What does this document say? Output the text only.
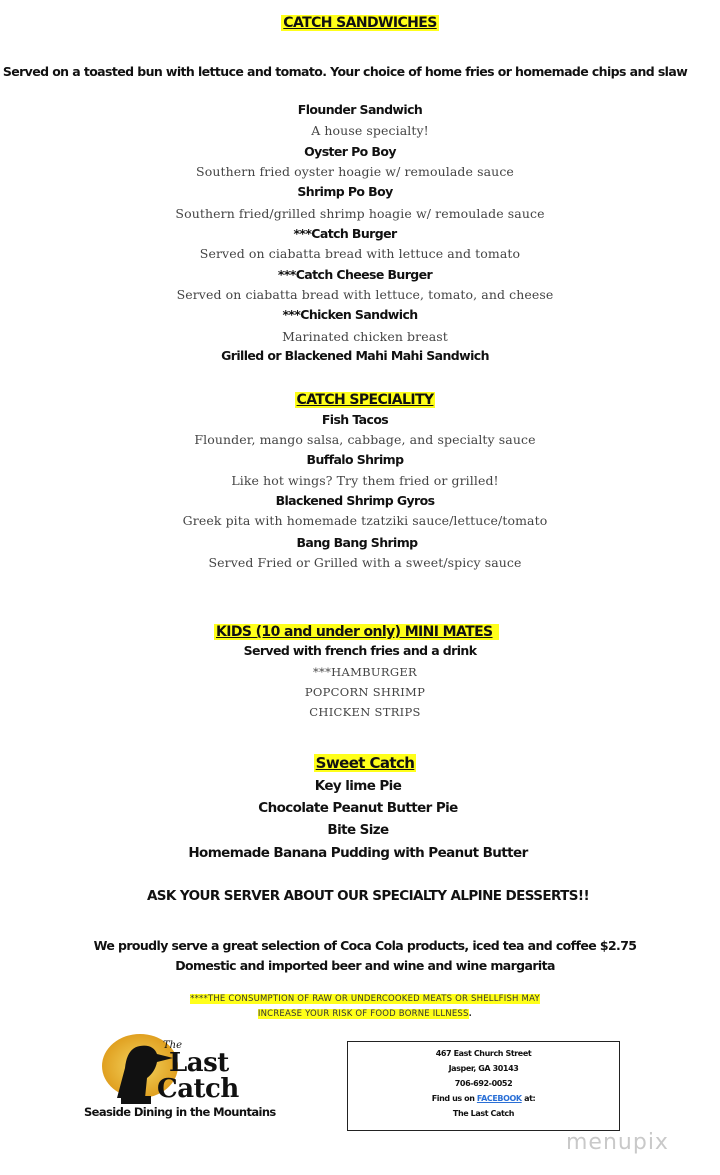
CATCH SANDWICHES
Served on a toasted bun with lettuce and tomato. Your choice of home fries or homemade chips and slaw
Flounder Sandwich
A house specialty!
Oyster Po Boy
Southern fried oyster hoagie w/ remoulade sauce
Shrimp Po Boy
Southern fried/grilled shrimp hoagie w/ remoulade sauce
***Catch Burger
Served on ciabatta bread with lettuce and tomato
***Catch Cheese Burger
Served on ciabatta bread with lettuce, tomato, and cheese
***Chicken Sandwich
Marinated chicken breast
Grilled or Blackened Mahi Mahi Sandwich
CATCH SPECIALITY
Fish Tacos
Flounder, mango salsa, cabbage, and specialty sauce
Buffalo Shrimp
Like hot wings? Try them fried or grilled!
Blackened Shrimp Gyros
Greek pita with homemade tzatziki sauce/lettuce/tomato
Bang Bang Shrimp
Served Fried or Grilled with a sweet/spicy sauce
KIDS (10 and under only) MINI MATES
Served with french fries and a drink
***HAMBURGER
POPCORN SHRIMP
CHICKEN STRIPS
Sweet Catch
Key lime Pie
Chocolate Peanut Butter Pie
Bite Size
Homemade Banana Pudding with Peanut Butter
ASK YOUR SERVER ABOUT OUR SPECIALTY ALPINE DESSERTS!!
We proudly serve a great selection of Coca Cola products, iced tea and coffee $2.75
Domestic and imported beer and wine and wine margarita
****THE CONSUMPTION OF RAW OR UNDERCOOKED MEATS OR SHELLFISH MAY
INCREASE YOUR RISK OF FOOD BORNE ILLNESS.
The
Last
Catch
Seaside Dining in the Mountains
467 East Church Street
Jasper, GA 30143
706-692-0052
Find us on FACEBOOK at:
The Last Catch
menupix
